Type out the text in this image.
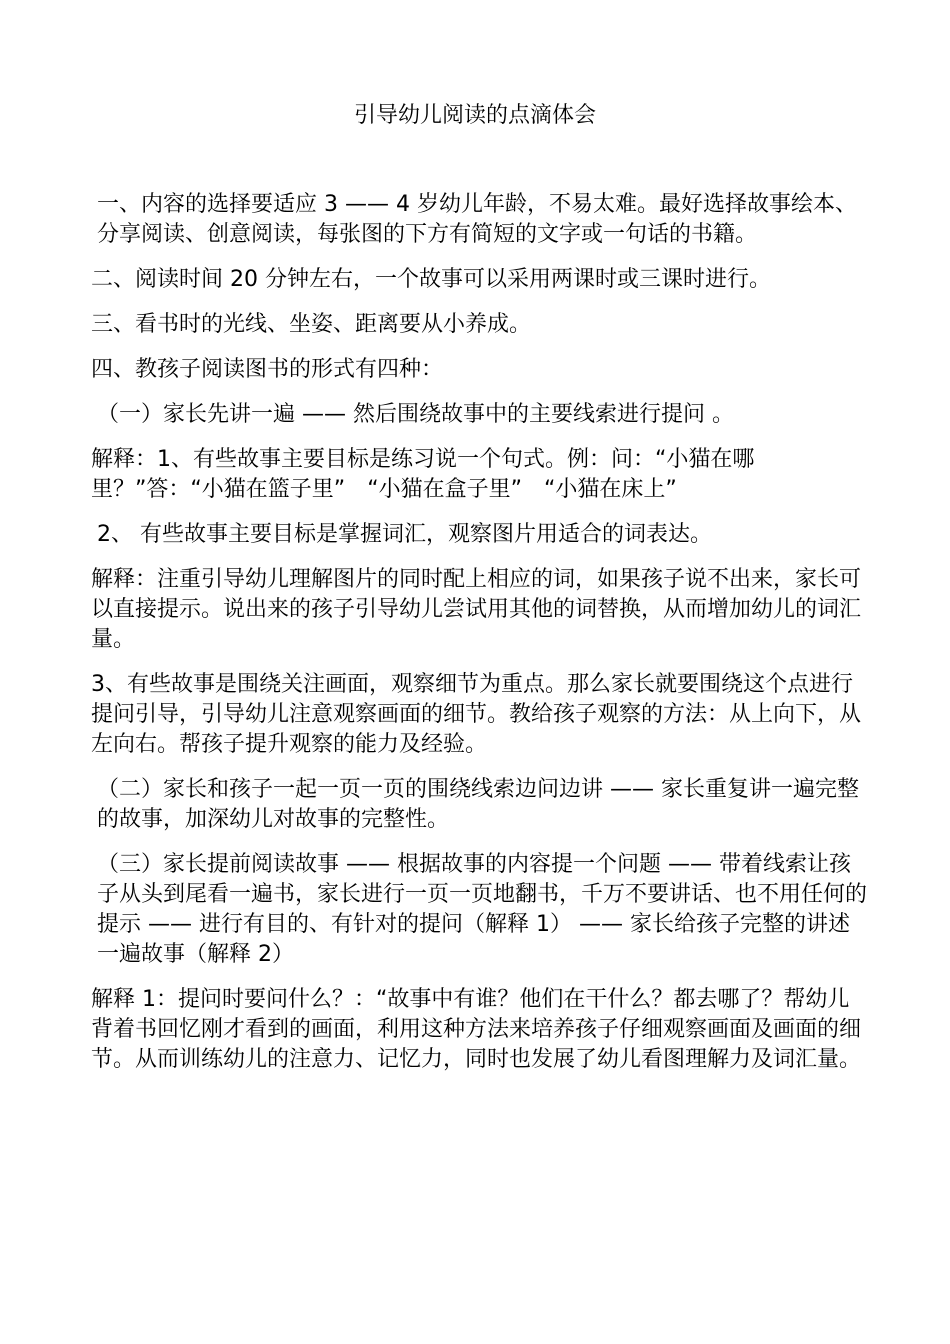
引导幼儿阅读的点滴体会

一、内容的选择要适应 3 —— 4 岁幼儿年龄，不易太难。最好选择故事绘本、分享阅读、创意阅读，每张图的下方有简短的文字或一句话的书籍。

二、阅读时间 20 分钟左右，一个故事可以采用两课时或三课时进行。

三、看书时的光线、坐姿、距离要从小养成。

四、教孩子阅读图书的形式有四种：

（一）家长先讲一遍 —— 然后围绕故事中的主要线索进行提问 。

解释：1、有些故事主要目标是练习说一个句式。例：问：“小猫在哪里？”答：“小猫在篮子里”　“小猫在盒子里”　“小猫在床上”

2、 有些故事主要目标是掌握词汇，观察图片用适合的词表达。

解释：注重引导幼儿理解图片的同时配上相应的词，如果孩子说不出来，家长可以直接提示。说出来的孩子引导幼儿尝试用其他的词替换，从而增加幼儿的词汇量。

3、有些故事是围绕关注画面，观察细节为重点。那么家长就要围绕这个点进行提问引导，引导幼儿注意观察画面的细节。教给孩子观察的方法：从上向下，从左向右。帮孩子提升观察的能力及经验。

（二）家长和孩子一起一页一页的围绕线索边问边讲 —— 家长重复讲一遍完整的故事，加深幼儿对故事的完整性。

（三）家长提前阅读故事 —— 根据故事的内容提一个问题 —— 带着线索让孩子从头到尾看一遍书，家长进行一页一页地翻书，千万不要讲话、也不用任何的提示 —— 进行有目的、有针对的提问（解释 1） —— 家长给孩子完整的讲述一遍故事（解释 2）

解释 1：提问时要问什么？：“故事中有谁？他们在干什么？都去哪了？帮幼儿背着书回忆刚才看到的画面，利用这种方法来培养孩子仔细观察画面及画面的细节。从而训练幼儿的注意力、记忆力，同时也发展了幼儿看图理解力及词汇量。
